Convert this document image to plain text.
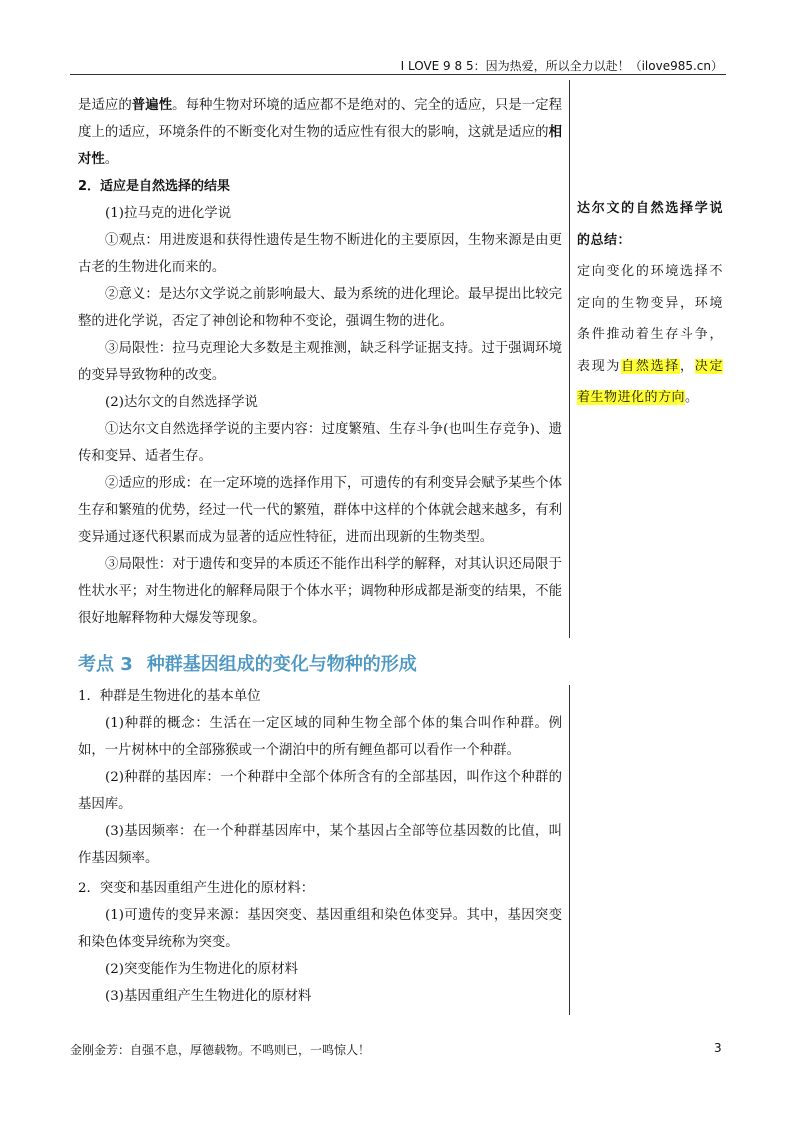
I LOVE 9 8 5：因为热爱，所以全力以赴！（ilove985.cn）

是适应的普遍性。每种生物对环境的适应都不是绝对的、完全的适应，只是一定程度上的适应，环境条件的不断变化对生物的适应性有很大的影响，这就是适应的相对性。

2．适应是自然选择的结果

(1)拉马克的进化学说

①观点：用进废退和获得性遗传是生物不断进化的主要原因，生物来源是由更古老的生物进化而来的。

②意义：是达尔文学说之前影响最大、最为系统的进化理论。最早提出比较完整的进化学说，否定了神创论和物种不变论，强调生物的进化。

③局限性：拉马克理论大多数是主观推测，缺乏科学证据支持。过于强调环境的变异导致物种的改变。

(2)达尔文的自然选择学说

①达尔文自然选择学说的主要内容：过度繁殖、生存斗争(也叫生存竞争)、遗传和变异、适者生存。

②适应的形成：在一定环境的选择作用下，可遗传的有利变异会赋予某些个体生存和繁殖的优势，经过一代一代的繁殖，群体中这样的个体就会越来越多，有利变异通过逐代积累而成为显著的适应性特征，进而出现新的生物类型。

③局限性：对于遗传和变异的本质还不能作出科学的解释，对其认识还局限于性状水平；对生物进化的解释局限于个体水平；调物种形成都是渐变的结果，不能很好地解释物种大爆发等现象。

达尔文的自然选择学说的总结：
定向变化的环境选择不定向的生物变异，环境条件推动着生存斗争，表现为自然选择，决定着生物进化的方向。
考点 3 种群基因组成的变化与物种的形成

1．种群是生物进化的基本单位

(1)种群的概念：生活在一定区域的同种生物全部个体的集合叫作种群。例如，一片树林中的全部猕猴或一个湖泊中的所有鲤鱼都可以看作一个种群。

(2)种群的基因库：一个种群中全部个体所含有的全部基因，叫作这个种群的基因库。

(3)基因频率：在一个种群基因库中，某个基因占全部等位基因数的比值，叫作基因频率。

2．突变和基因重组产生进化的原材料：

(1)可遗传的变异来源：基因突变、基因重组和染色体变异。其中，基因突变和染色体变异统称为突变。

(2)突变能作为生物进化的原材料

(3)基因重组产生生物进化的原材料

金刚金芳：自强不息，厚德载物。不鸣则已，一鸣惊人！	3
